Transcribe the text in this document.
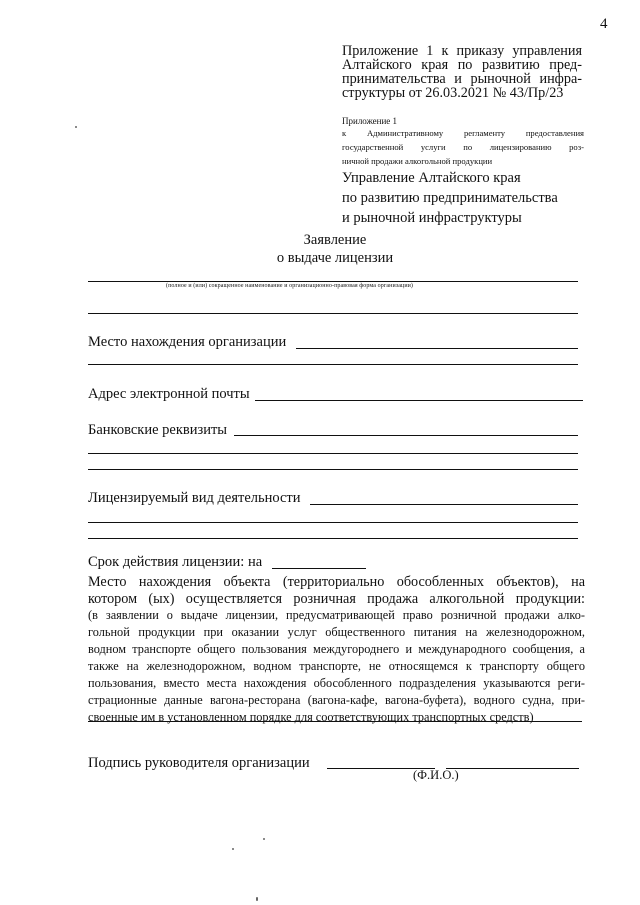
4
Приложение 1 к приказу управления
Алтайского края по развитию пред-
принимательства и рыночной инфра-
структуры от 26.03.2021 № 43/Пр/23
Приложение 1
к Административному регламенту предоставления
государственной услуги по лицензированию роз-
ничной продажи алкогольной продукции
Управление Алтайского края
по развитию предпринимательства
и рыночной инфраструктуры
Заявление
о выдаче лицензии
(полное и (или) сокращенное наименование и организационно-правовая форма организации)
Место нахождения организации
Адрес электронной почты
Банковские реквизиты
Лицензируемый вид деятельности
Срок действия лицензии: на
Место нахождения объекта (территориально обособленных объектов), на
котором (ых) осуществляется розничная продажа алкогольной продукции:
(в заявлении о выдаче лицензии, предусматривающей право розничной продажи алко-
гольной продукции при оказании услуг общественного питания на железнодорожном,
водном транспорте общего пользования междугороднего и международного сообщения, а
также на железнодорожном, водном транспорте, не относящемся к транспорту общего
пользования, вместо места нахождения обособленного подразделения указываются реги-
страционные данные вагона-ресторана (вагона-кафе, вагона-буфета), водного судна, при-
своенные им в установленном порядке для соответствующих транспортных средств)
Подпись руководителя организации
(Ф.И.О.)
